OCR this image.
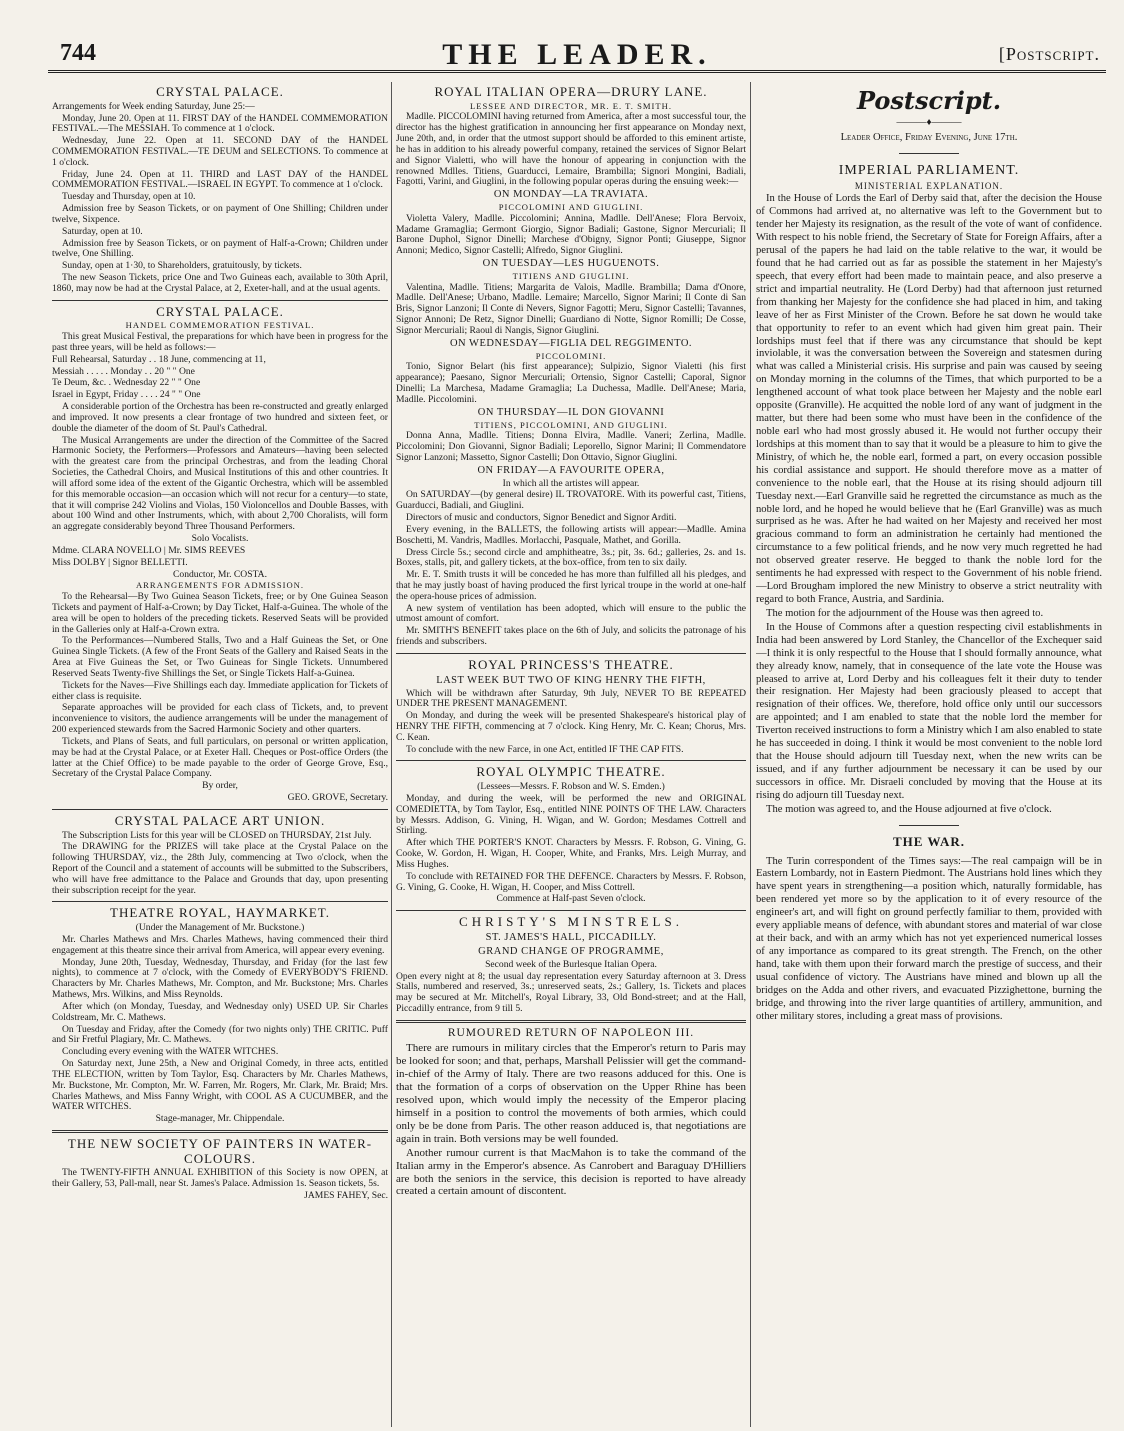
744	THE LEADER.	[Postscript.
CRYSTAL PALACE.

Arrangements for Week ending Saturday, June 25:—

Monday, June 20. Open at 11. FIRST DAY of the HANDEL COMMEMORATION FESTIVAL.—The MESSIAH. To commence at 1 o'clock.

Wednesday, June 22. Open at 11. SECOND DAY of the HANDEL COMMEMORATION FESTIVAL.—TE DEUM and SELECTIONS. To commence at 1 o'clock.

Friday, June 24. Open at 11. THIRD and LAST DAY of the HANDEL COMMEMORATION FESTIVAL.—ISRAEL IN EGYPT. To commence at 1 o'clock.

Tuesday and Thursday, open at 10.

Admission free by Season Tickets, or on payment of One Shilling; Children under twelve, Sixpence.

Saturday, open at 10.

Admission free by Season Tickets, or on payment of Half-a-Crown; Children under twelve, One Shilling.

Sunday, open at 1·30, to Shareholders, gratuitously, by tickets.

The new Season Tickets, price One and Two Guineas each, available to 30th April, 1860, may now be had at the Crystal Palace, at 2, Exeter-hall, and at the usual agents.

CRYSTAL PALACE.
HANDEL COMMEMORATION FESTIVAL.

This great Musical Festival, the preparations for which have been in progress for the past three years, will be held as follows:—

Full Rehearsal, Saturday . . 18 June, commencing at 11,

Messiah . . . . . Monday . . 20 " " One

Te Deum, &c. . Wednesday 22 " " One

Israel in Egypt, Friday . . . . 24 " " One

A considerable portion of the Orchestra has been re-constructed and greatly enlarged and improved. It now presents a clear frontage of two hundred and sixteen feet, or double the diameter of the doom of St. Paul's Cathedral.

The Musical Arrangements are under the direction of the Committee of the Sacred Harmonic Society, the Performers—Professors and Amateurs—having been selected with the greatest care from the principal Orchestras, and from the leading Choral Societies, the Cathedral Choirs, and Musical Institutions of this and other countries. It will afford some idea of the extent of the Gigantic Orchestra, which will be assembled for this memorable occasion—an occasion which will not recur for a century—to state, that it will comprise 242 Violins and Violas, 150 Violoncellos and Double Basses, with about 100 Wind and other Instruments, which, with about 2,700 Choralists, will form an aggregate considerably beyond Three Thousand Performers.

Solo Vocalists.

Mdme. CLARA NOVELLO | Mr. SIMS REEVES

Miss DOLBY | Signor BELLETTI.

Conductor, Mr. COSTA.

ARRANGEMENTS FOR ADMISSION.

To the Rehearsal—By Two Guinea Season Tickets, free; or by One Guinea Season Tickets and payment of Half-a-Crown; by Day Ticket, Half-a-Guinea. The whole of the area will be open to holders of the preceding tickets. Reserved Seats will be provided in the Galleries only at Half-a-Crown extra.

To the Performances—Numbered Stalls, Two and a Half Guineas the Set, or One Guinea Single Tickets. (A few of the Front Seats of the Gallery and Raised Seats in the Area at Five Guineas the Set, or Two Guineas for Single Tickets. Unnumbered Reserved Seats Twenty-five Shillings the Set, or Single Tickets Half-a-Guinea.

Tickets for the Naves—Five Shillings each day. Immediate application for Tickets of either class is requisite.

Separate approaches will be provided for each class of Tickets, and, to prevent inconvenience to visitors, the audience arrangements will be under the management of 200 experienced stewards from the Sacred Harmonic Society and other quarters.

Tickets, and Plans of Seats, and full particulars, on personal or written application, may be had at the Crystal Palace, or at Exeter Hall. Cheques or Post-office Orders (the latter at the Chief Office) to be made payable to the order of George Grove, Esq., Secretary of the Crystal Palace Company.

By order,

GEO. GROVE, Secretary.

CRYSTAL PALACE ART UNION.

The Subscription Lists for this year will be CLOSED on THURSDAY, 21st July.

The DRAWING for the PRIZES will take place at the Crystal Palace on the following THURSDAY, viz., the 28th July, commencing at Two o'clock, when the Report of the Council and a statement of accounts will be submitted to the Subscribers, who will have free admittance to the Palace and Grounds that day, upon presenting their subscription receipt for the year.

THEATRE ROYAL, HAYMARKET.

(Under the Management of Mr. Buckstone.)

Mr. Charles Mathews and Mrs. Charles Mathews, having commenced their third engagement at this theatre since their arrival from America, will appear every evening.

Monday, June 20th, Tuesday, Wednesday, Thursday, and Friday (for the last few nights), to commence at 7 o'clock, with the Comedy of EVERYBODY'S FRIEND. Characters by Mr. Charles Mathews, Mr. Compton, and Mr. Buckstone; Mrs. Charles Mathews, Mrs. Wilkins, and Miss Reynolds.

After which (on Monday, Tuesday, and Wednesday only) USED UP. Sir Charles Coldstream, Mr. C. Mathews.

On Tuesday and Friday, after the Comedy (for two nights only) THE CRITIC. Puff and Sir Fretful Plagiary, Mr. C. Mathews.

Concluding every evening with the WATER WITCHES.

On Saturday next, June 25th, a New and Original Comedy, in three acts, entitled THE ELECTION, written by Tom Taylor, Esq. Characters by Mr. Charles Mathews, Mr. Buckstone, Mr. Compton, Mr. W. Farren, Mr. Rogers, Mr. Clark, Mr. Braid; Mrs. Charles Mathews, and Miss Fanny Wright, with COOL AS A CUCUMBER, and the WATER WITCHES.

Stage-manager, Mr. Chippendale.

THE NEW SOCIETY OF PAINTERS IN WATER-COLOURS.

The TWENTY-FIFTH ANNUAL EXHIBITION of this Society is now OPEN, at their Gallery, 53, Pall-mall, near St. James's Palace. Admission 1s. Season tickets, 5s.

JAMES FAHEY, Sec.

ROYAL ITALIAN OPERA—DRURY LANE.
LESSEE AND DIRECTOR, MR. E. T. SMITH.

Madlle. PICCOLOMINI having returned from America, after a most successful tour, the director has the highest gratification in announcing her first appearance on Monday next, June 20th, and, in order that the utmost support should be afforded to this eminent artiste, he has in addition to his already powerful company, retained the services of Signor Belart and Signor Vialetti, who will have the honour of appearing in conjunction with the renowned Mdlles. Titiens, Guarducci, Lemaire, Brambilla; Signori Mongini, Badiali, Fagotti, Varini, and Giuglini, in the following popular operas during the ensuing week:—

ON MONDAY—LA TRAVIATA.
PICCOLOMINI AND GIUGLINI.

Violetta Valery, Madlle. Piccolomini; Annina, Madlle. Dell'Anese; Flora Bervoix, Madame Gramaglia; Germont Giorgio, Signor Badiali; Gastone, Signor Mercuriali; Il Barone Duphol, Signor Dinelli; Marchese d'Obigny, Signor Ponti; Giuseppe, Signor Annoni; Medico, Signor Castelli; Alfredo, Signor Giuglini.

ON TUESDAY—LES HUGUENOTS.
TITIENS AND GIUGLINI.

Valentina, Madlle. Titiens; Margarita de Valois, Madlle. Brambilla; Dama d'Onore, Madlle. Dell'Anese; Urbano, Madlle. Lemaire; Marcello, Signor Marini; Il Conte di San Bris, Signor Lanzoni; Il Conte di Nevers, Signor Fagotti; Meru, Signor Castelli; Tavannes, Signor Annoni; De Retz, Signor Dinelli; Guardiano di Notte, Signor Romilli; De Cosse, Signor Mercuriali; Raoul di Nangis, Signor Giuglini.

ON WEDNESDAY—FIGLIA DEL REGGIMENTO.
PICCOLOMINI.

Tonio, Signor Belart (his first appearance); Sulpizio, Signor Vialetti (his first appearance); Paesano, Signor Mercuriali; Ortensio, Signor Castelli; Caporal, Signor Dinelli; La Marchesa, Madame Gramaglia; La Duchessa, Madlle. Dell'Anese; Maria, Madlle. Piccolomini.

ON THURSDAY—IL DON GIOVANNI
TITIENS, PICCOLOMINI, AND GIUGLINI.

Donna Anna, Madlle. Titiens; Donna Elvira, Madlle. Vaneri; Zerlina, Madlle. Piccolomini; Don Giovanni, Signor Badiali; Leporello, Signor Marini; Il Commendatore Signor Lanzoni; Massetto, Signor Castelli; Don Ottavio, Signor Giuglini.

ON FRIDAY—A FAVOURITE OPERA,

In which all the artistes will appear.

On SATURDAY—(by general desire) IL TROVATORE. With its powerful cast, Titiens, Guarducci, Badiali, and Giuglini.

Directors of music and conductors, Signor Benedict and Signor Arditi.

Every evening, in the BALLETS, the following artists will appear:—Madlle. Amina Boschetti, M. Vandris, Madlles. Morlacchi, Pasquale, Mathet, and Gorilla.

Dress Circle 5s.; second circle and amphitheatre, 3s.; pit, 3s. 6d.; galleries, 2s. and 1s. Boxes, stalls, pit, and gallery tickets, at the box-office, from ten to six daily.

Mr. E. T. Smith trusts it will be conceded he has more than fulfilled all his pledges, and that he may justly boast of having produced the first lyrical troupe in the world at one-half the opera-house prices of admission.

A new system of ventilation has been adopted, which will ensure to the public the utmost amount of comfort.

Mr. SMITH'S BENEFIT takes place on the 6th of July, and solicits the patronage of his friends and subscribers.

ROYAL PRINCESS'S THEATRE.
LAST WEEK BUT TWO OF KING HENRY THE FIFTH,

Which will be withdrawn after Saturday, 9th July, NEVER TO BE REPEATED UNDER THE PRESENT MANAGEMENT.

On Monday, and during the week will be presented Shakespeare's historical play of HENRY THE FIFTH, commencing at 7 o'clock. King Henry, Mr. C. Kean; Chorus, Mrs. C. Kean.

To conclude with the new Farce, in one Act, entitled IF THE CAP FITS.

ROYAL OLYMPIC THEATRE.

(Lessees—Messrs. F. Robson and W. S. Emden.)

Monday, and during the week, will be performed the new and ORIGINAL COMEDIETTA, by Tom Taylor, Esq., entitled NINE POINTS OF THE LAW. Characters by Messrs. Addison, G. Vining, H. Wigan, and W. Gordon; Mesdames Cottrell and Stirling.

After which THE PORTER'S KNOT. Characters by Messrs. F. Robson, G. Vining, G. Cooke, W. Gordon, H. Wigan, H. Cooper, White, and Franks, Mrs. Leigh Murray, and Miss Hughes.

To conclude with RETAINED FOR THE DEFENCE. Characters by Messrs. F. Robson, G. Vining, G. Cooke, H. Wigan, H. Cooper, and Miss Cottrell.

Commence at Half-past Seven o'clock.

CHRISTY'S MINSTRELS.
ST. JAMES'S HALL, PICCADILLY.
GRAND CHANGE OF PROGRAMME,

Second week of the Burlesque Italian Opera.

Open every night at 8; the usual day representation every Saturday afternoon at 3. Dress Stalls, numbered and reserved, 3s.; unreserved seats, 2s.; Gallery, 1s. Tickets and places may be secured at Mr. Mitchell's, Royal Library, 33, Old Bond-street; and at the Hall, Piccadilly entrance, from 9 till 5.

RUMOURED RETURN OF NAPOLEON III.

There are rumours in military circles that the Emperor's return to Paris may be looked for soon; and that, perhaps, Marshall Pelissier will get the command-in-chief of the Army of Italy. There are two reasons adduced for this. One is that the formation of a corps of observation on the Upper Rhine has been resolved upon, which would imply the necessity of the Emperor placing himself in a position to control the movements of both armies, which could only be be done from Paris. The other reason adduced is, that negotiations are again in train. Both versions may be well founded.

Another rumour current is that MacMahon is to take the command of the Italian army in the Emperor's absence. As Canrobert and Baraguay D'Hilliers are both the seniors in the service, this decision is reported to have already created a certain amount of discontent.

Postscript.
———♦———

Leader Office, Friday Evening, June 17th.

IMPERIAL PARLIAMENT.
MINISTERIAL EXPLANATION.

In the House of Lords the Earl of Derby said that, after the decision the House of Commons had arrived at, no alternative was left to the Government but to tender her Majesty its resignation, as the result of the vote of want of confidence. With respect to his noble friend, the Secretary of State for Foreign Affairs, after a perusal of the papers he had laid on the table relative to the war, it would be found that he had carried out as far as possible the statement in her Majesty's speech, that every effort had been made to maintain peace, and also preserve a strict and impartial neutrality. He (Lord Derby) had that afternoon just returned from thanking her Majesty for the confidence she had placed in him, and taking leave of her as First Minister of the Crown. Before he sat down he would take that opportunity to refer to an event which had given him great pain. Their lordships must feel that if there was any circumstance that should be kept inviolable, it was the conversation between the Sovereign and statesmen during what was called a Ministerial crisis. His surprise and pain was caused by seeing on Monday morning in the columns of the Times, that which purported to be a lengthened account of what took place between her Majesty and the noble earl opposite (Granville). He acquitted the noble lord of any want of judgment in the matter, but there had been some who must have been in the confidence of the noble earl who had most grossly abused it. He would not further occupy their lordships at this moment than to say that it would be a pleasure to him to give the Ministry, of which he, the noble earl, formed a part, on every occasion possible his cordial assistance and support. He should therefore move as a matter of convenience to the noble earl, that the House at its rising should adjourn till Tuesday next.—Earl Granville said he regretted the circumstance as much as the noble lord, and he hoped he would believe that he (Earl Granville) was as much surprised as he was. After he had waited on her Majesty and received her most gracious command to form an administration he certainly had mentioned the circumstance to a few political friends, and he now very much regretted he had not observed greater reserve. He begged to thank the noble lord for the sentiments he had expressed with respect to the Government of his noble friend.—Lord Brougham implored the new Ministry to observe a strict neutrality with regard to both France, Austria, and Sardinia.

The motion for the adjournment of the House was then agreed to.

In the House of Commons after a question respecting civil establishments in India had been answered by Lord Stanley, the Chancellor of the Exchequer said—I think it is only respectful to the House that I should formally announce, what they already know, namely, that in consequence of the late vote the House was pleased to arrive at, Lord Derby and his colleagues felt it their duty to tender their resignation. Her Majesty had been graciously pleased to accept that resignation of their offices. We, therefore, hold office only until our successors are appointed; and I am enabled to state that the noble lord the member for Tiverton received instructions to form a Ministry which I am also enabled to state he has succeeded in doing. I think it would be most convenient to the noble lord that the House should adjourn till Tuesday next, when the new writs can be issued, and if any further adjournment be necessary it can be used by our successors in office. Mr. Disraeli concluded by moving that the House at its rising do adjourn till Tuesday next.

The motion was agreed to, and the House adjourned at five o'clock.

THE WAR.

The Turin correspondent of the Times says:—The real campaign will be in Eastern Lombardy, not in Eastern Piedmont. The Austrians hold lines which they have spent years in strengthening—a position which, naturally formidable, has been rendered yet more so by the application to it of every resource of the engineer's art, and will fight on ground perfectly familiar to them, provided with every appliable means of defence, with abundant stores and material of war close at their back, and with an army which has not yet experienced numerical losses of any importance as compared to its great strength. The French, on the other hand, take with them upon their forward march the prestige of success, and their usual confidence of victory. The Austrians have mined and blown up all the bridges on the Adda and other rivers, and evacuated Pizzighettone, burning the bridge, and throwing into the river large quantities of artillery, ammunition, and other military stores, including a great mass of provisions.
